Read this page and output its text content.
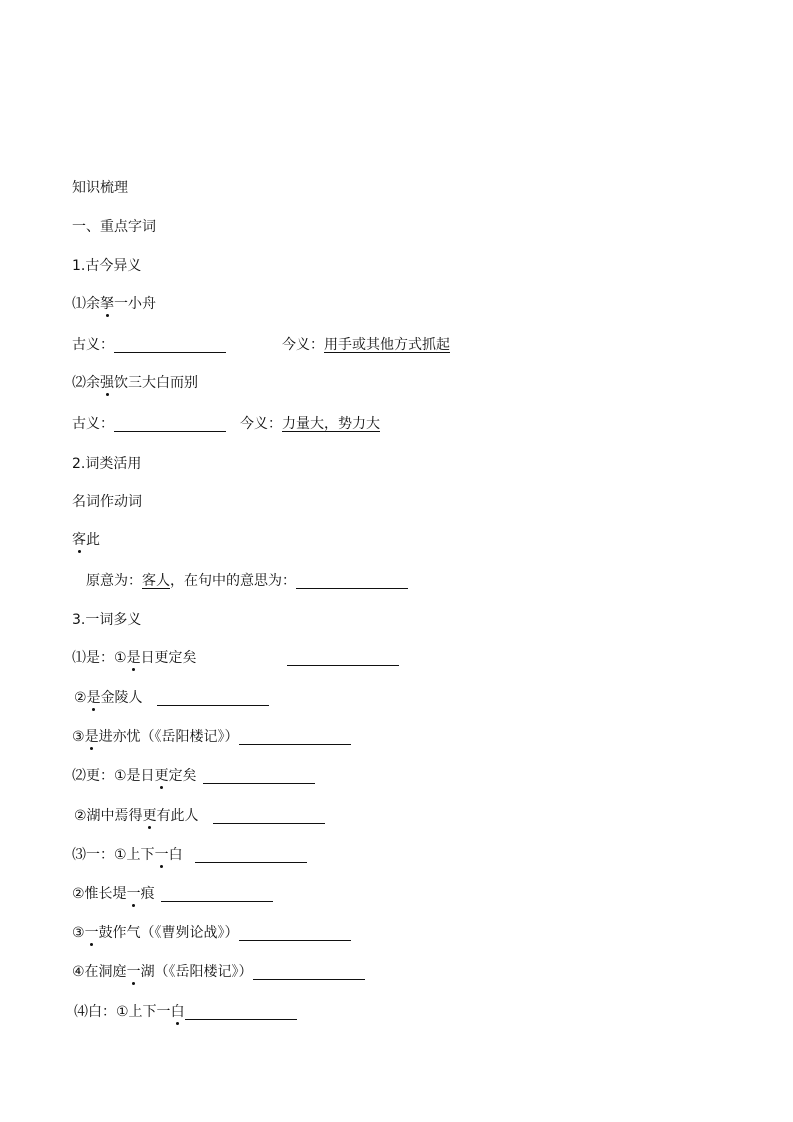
知识梳理
一、重点字词
1.古今异义
⑴余拏一小舟
古义：	今义：用手或其他方式抓起
⑵余强饮三大白而别
古义：	今义：力量大，势力大
2.词类活用
名词作动词
客此
原意为：客人，在句中的意思为：
3.一词多义
⑴是：①是日更定矣
②是金陵人
③是进亦忧（《岳阳楼记》）
⑵更：①是日更定矣
②湖中焉得更有此人
⑶一：①上下一白
②惟长堤一痕
③一鼓作气（《曹刿论战》）
④在洞庭一湖（《岳阳楼记》）
⑷白：①上下一白
